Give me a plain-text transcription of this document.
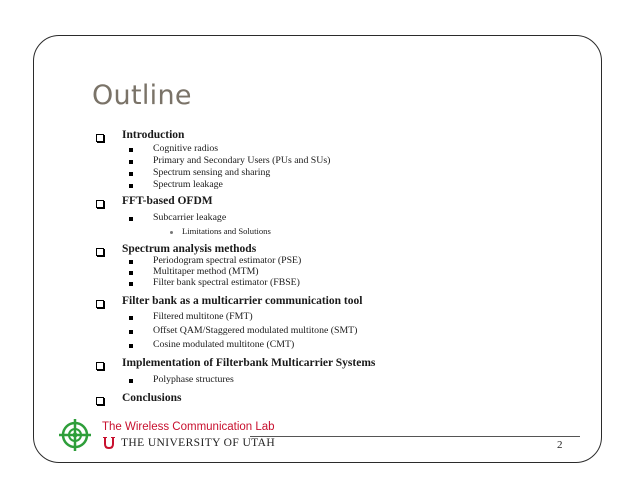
Outline
Introduction
Cognitive radios
Primary and Secondary Users (PUs and SUs)
Spectrum sensing and sharing
Spectrum leakage
FFT-based OFDM
Subcarrier leakage
Limitations and Solutions
Spectrum analysis methods
Periodogram spectral estimator (PSE)
Multitaper method (MTM)
Filter bank spectral estimator (FBSE)
Filter bank as a multicarrier communication tool
Filtered multitone (FMT)
Offset QAM/Staggered modulated multitone (SMT)
Cosine modulated multitone (CMT)
Implementation of Filterbank Multicarrier Systems
Polyphase structures
Conclusions
The Wireless Communication Lab
THE UNIVERSITY OF UTAH	2
